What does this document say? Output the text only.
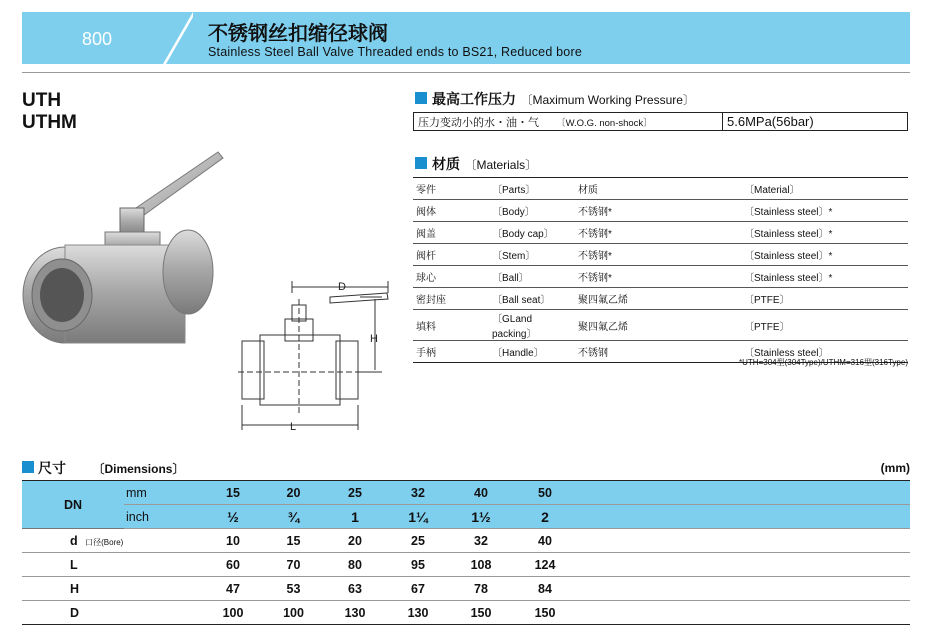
800	不锈钢丝扣缩径球阀
Stainless Steel Ball Valve Threaded ends to BS21, Reduced bore
UTH
UTHM
D
H
L
最高工作压力 〔Maximum Working Pressure〕
压力变动小的水・油・气 〔W.O.G. non-shock〕	5.6MPa(56bar)
材质 〔Materials〕
零件	〔Parts〕	材质	〔Material〕
阀体	〔Body〕	不锈钢*	〔Stainless steel〕*
阀盖	〔Body cap〕	不锈钢*	〔Stainless steel〕*
阀杆	〔Stem〕	不锈钢*	〔Stainless steel〕*
球心	〔Ball〕	不锈钢*	〔Stainless steel〕*
密封座	〔Ball seat〕	聚四氟乙烯	〔PTFE〕
填料	〔GLand packing〕	聚四氟乙烯	〔PTFE〕
手柄	〔Handle〕	不锈钢	〔Stainless steel〕
*UTH=304型(304Type)/UTHM=316型(316Type)
尺寸 〔Dimensions〕	(mm)
DN	mm	15	20	25	32	40	50	
	inch	½	¾	1	1¼	1½	2	
d 口径(Bore)		10	15	20	25	32	40	
L		60	70	80	95	108	124	
H		47	53	63	67	78	84	
D		100	100	130	130	150	150	
